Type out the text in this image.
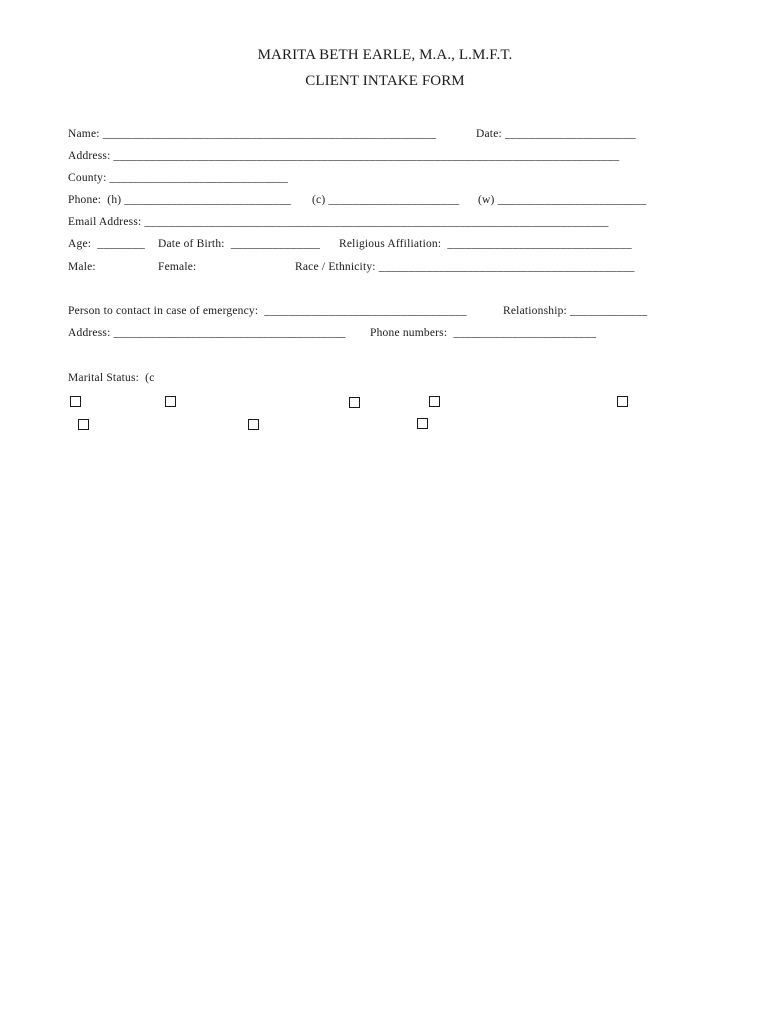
MARITA BETH EARLE, M.A., L.M.F.T.
CLIENT INTAKE FORM
Name: ________________________________________________________	Date: ______________________
Address: _____________________________________________________________________________________
County: ______________________________
Phone:  (h) ____________________________ (c) ______________________ (w) _________________________
Email Address: ______________________________________________________________________________
Age:  ________ Date of Birth:  _______________ Religious Affiliation:  _______________________________
Male:	Female:	Race / Ethnicity: ___________________________________________
Person to contact in case of emergency:  __________________________________	Relationship: _____________
Address: _______________________________________ Phone numbers:  ________________________
Marital Status:  (c
